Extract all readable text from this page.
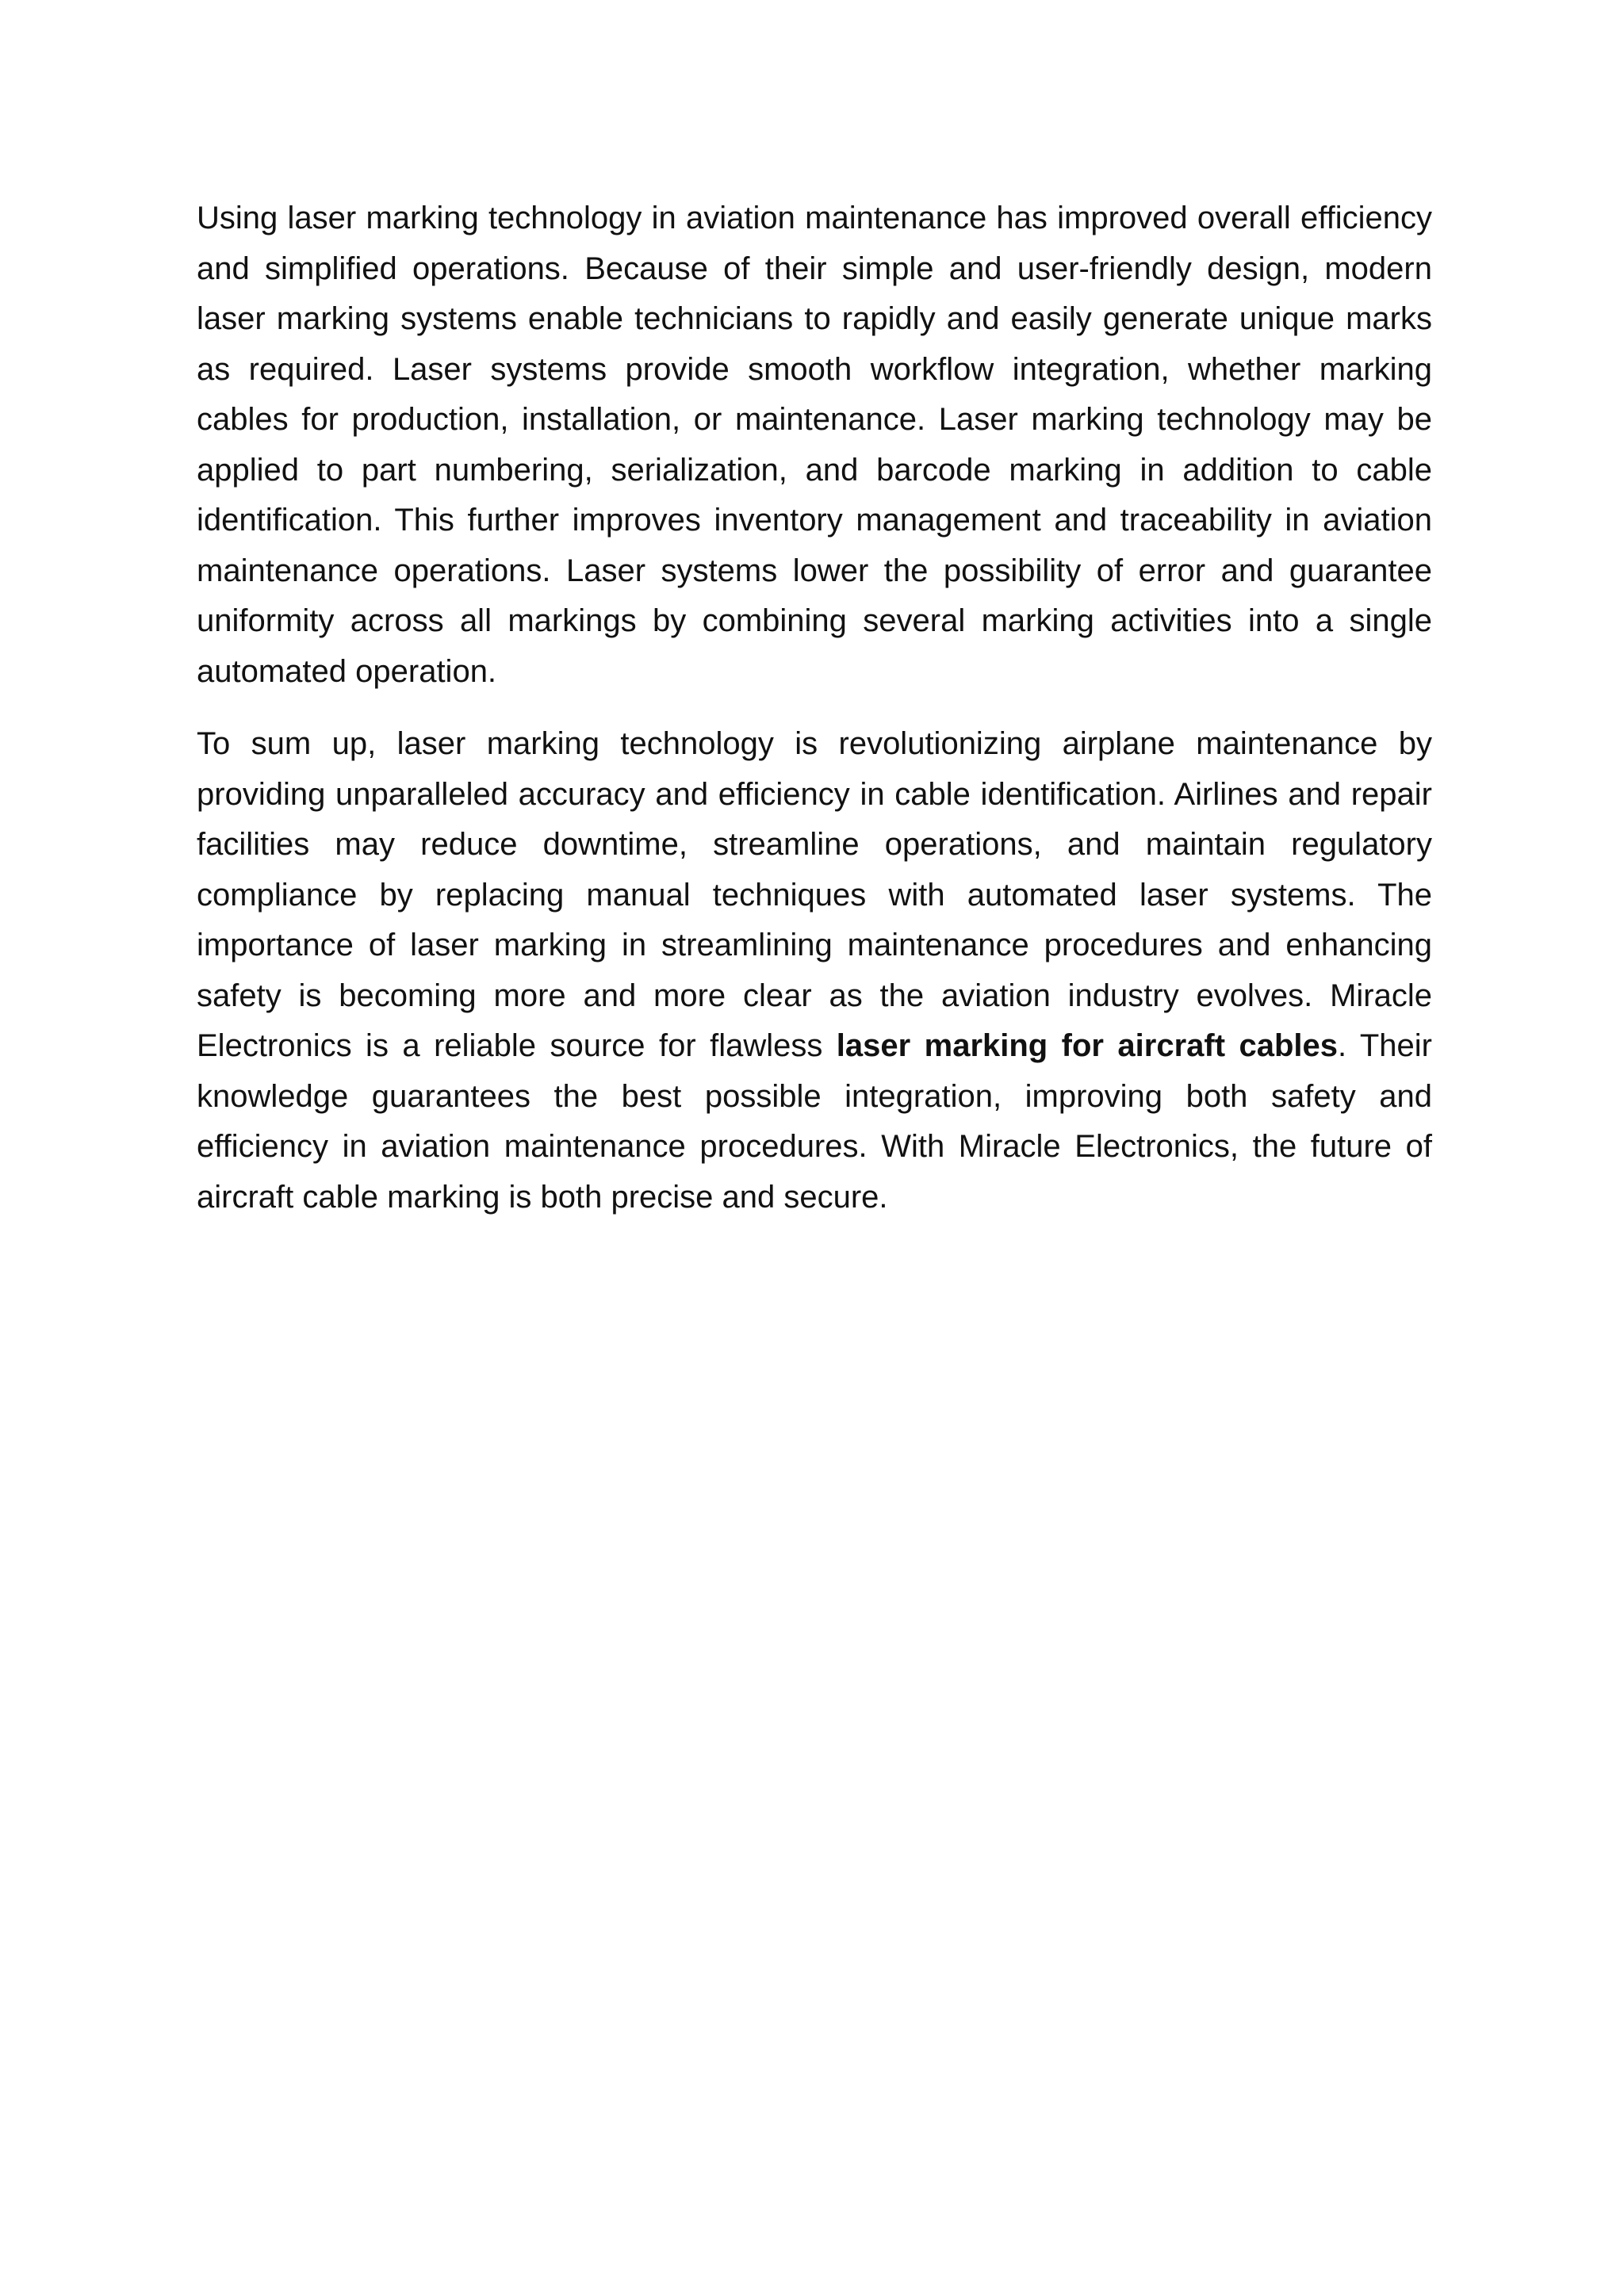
Using laser marking technology in aviation maintenance has improved overall efficiency and simplified operations. Because of their simple and user-friendly design, modern laser marking systems enable technicians to rapidly and easily generate unique marks as required. Laser systems provide smooth workflow integration, whether marking cables for production, installation, or maintenance. Laser marking technology may be applied to part numbering, serialization, and barcode marking in addition to cable identification. This further improves inventory management and traceability in aviation maintenance operations. Laser systems lower the possibility of error and guarantee uniformity across all markings by combining several marking activities into a single automated operation.

To sum up, laser marking technology is revolutionizing airplane maintenance by providing unparalleled accuracy and efficiency in cable identification. Airlines and repair facilities may reduce downtime, streamline operations, and maintain regulatory compliance by replacing manual techniques with automated laser systems. The importance of laser marking in streamlining maintenance procedures and enhancing safety is becoming more and more clear as the aviation industry evolves. Miracle Electronics is a reliable source for flawless laser marking for aircraft cables. Their knowledge guarantees the best possible integration, improving both safety and efficiency in aviation maintenance procedures. With Miracle Electronics, the future of aircraft cable marking is both precise and secure.
